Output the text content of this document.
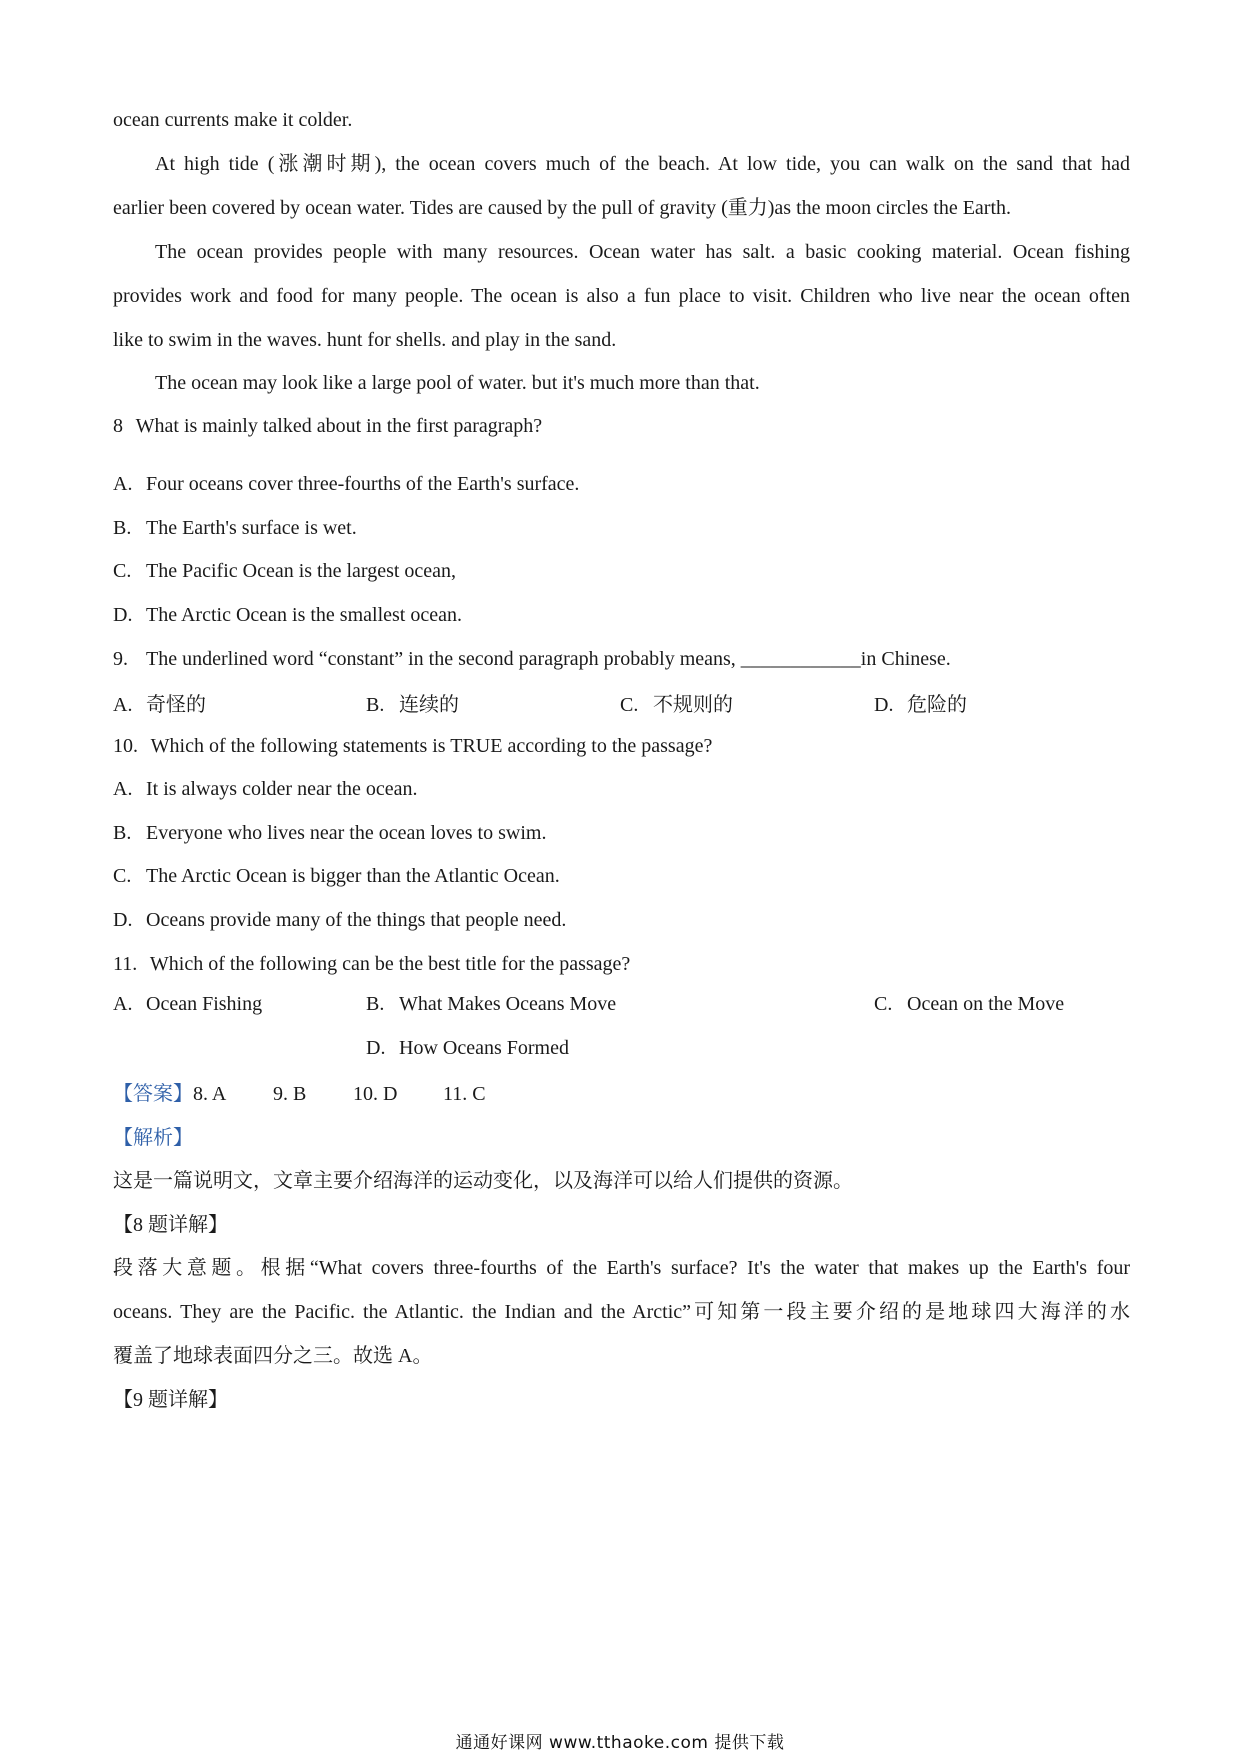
ocean currents make it colder.
At high tide (涨潮时期), the ocean covers much of the beach. At low tide, you can walk on the sand that had
earlier been covered by ocean water. Tides are caused by the pull of gravity (重力)as the moon circles the Earth.
The ocean provides people with many resources. Ocean water has salt. a basic cooking material. Ocean fishing
provides work and food for many people. The ocean is also a fun place to visit. Children who live near the ocean often
like to swim in the waves. hunt for shells. and play in the sand.
The ocean may look like a large pool of water. but it's much more than that.
8 What is mainly talked about in the first paragraph?
A. Four oceans cover three-fourths of the Earth's surface.
B. The Earth's surface is wet.
C. The Pacific Ocean is the largest ocean,
D. The Arctic Ocean is the smallest ocean.
9. The underlined word “constant” in the second paragraph probably means, ____________in Chinese.
A. 奇怪的	B. 连续的	C. 不规则的	D. 危险的
10. Which of the following statements is TRUE according to the passage?
A. It is always colder near the ocean.
B. Everyone who lives near the ocean loves to swim.
C. The Arctic Ocean is bigger than the Atlantic Ocean.
D. Oceans provide many of the things that people need.
11. Which of the following can be the best title for the passage?
A. Ocean Fishing	B. What Makes Oceans Move	C. Ocean on the Move
D. How Oceans Formed
【答案】8. A 9. B 10. D 11. C
【解析】
这是一篇说明文，文章主要介绍海洋的运动变化，以及海洋可以给人们提供的资源。
【8 题详解】
段落大意题。根据“What covers three-fourths of the Earth's surface? It's the water that makes up the Earth's four
oceans. They are the Pacific. the Atlantic. the Indian and the Arctic”可知第一段主要介绍的是地球四大海洋的水
覆盖了地球表面四分之三。故选 A。
【9 题详解】
通通好课网 www.tthaoke.com 提供下载
